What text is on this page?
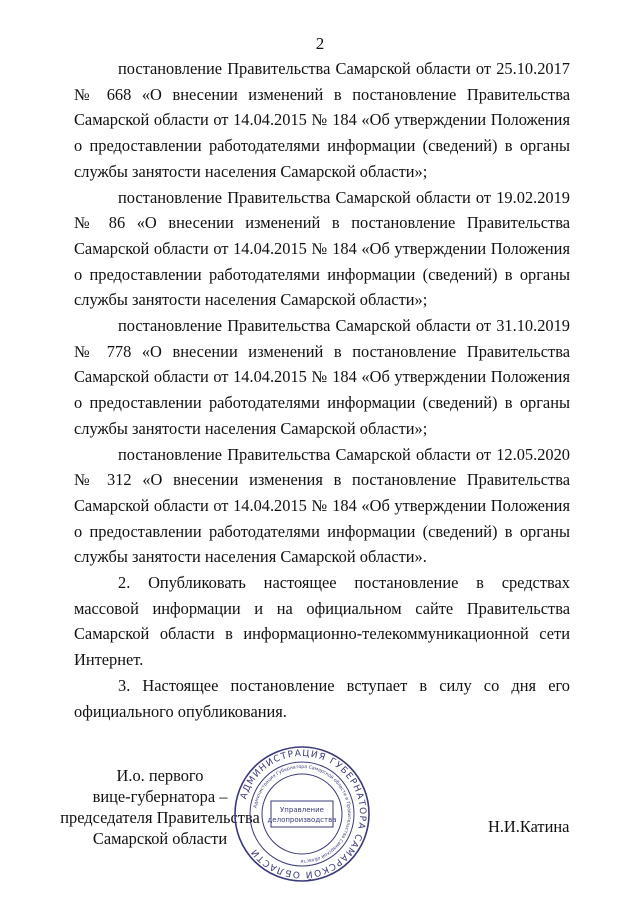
2

постановление Правительства Самарской области от 25.10.2017 № 668 «О внесении изменений в постановление Правительства Самарской области от 14.04.2015 № 184 «Об утверждении Положения о предоставлении работодателями информации (сведений) в органы службы занятости населения Самарской области»;

постановление Правительства Самарской области от 19.02.2019 № 86 «О внесении изменений в постановление Правительства Самарской области от 14.04.2015 № 184 «Об утверждении Положения о предоставлении работодателями информации (сведений) в органы службы занятости населения Самарской области»;

постановление Правительства Самарской области от 31.10.2019 № 778 «О внесении изменений в постановление Правительства Самарской области от 14.04.2015 № 184 «Об утверждении Положения о предоставлении работодателями информации (сведений) в органы службы занятости населения Самарской области»;

постановление Правительства Самарской области от 12.05.2020 № 312 «О внесении изменения в постановление Правительства Самарской области от 14.04.2015 № 184 «Об утверждении Положения о предоставлении работодателями информации (сведений) в органы службы занятости населения Самарской области».

2. Опубликовать настоящее постановление в средствах массовой информации и на официальном сайте Правительства Самарской области в информационно-телекоммуникационной сети Интернет.

3. Настоящее постановление вступает в силу со дня его официального опубликования.

И.о. первого
вице-губернатора –
председателя Правительства
Самарской области
Н.И.Катина
АДМИНИСТРАЦИЯ ГУБЕРНАТОРА САМАРСКОЙ ОБЛАСТИ
Администрация Губернатора Самарской области и Правительства Самарской области
Управление
делопроизводства
